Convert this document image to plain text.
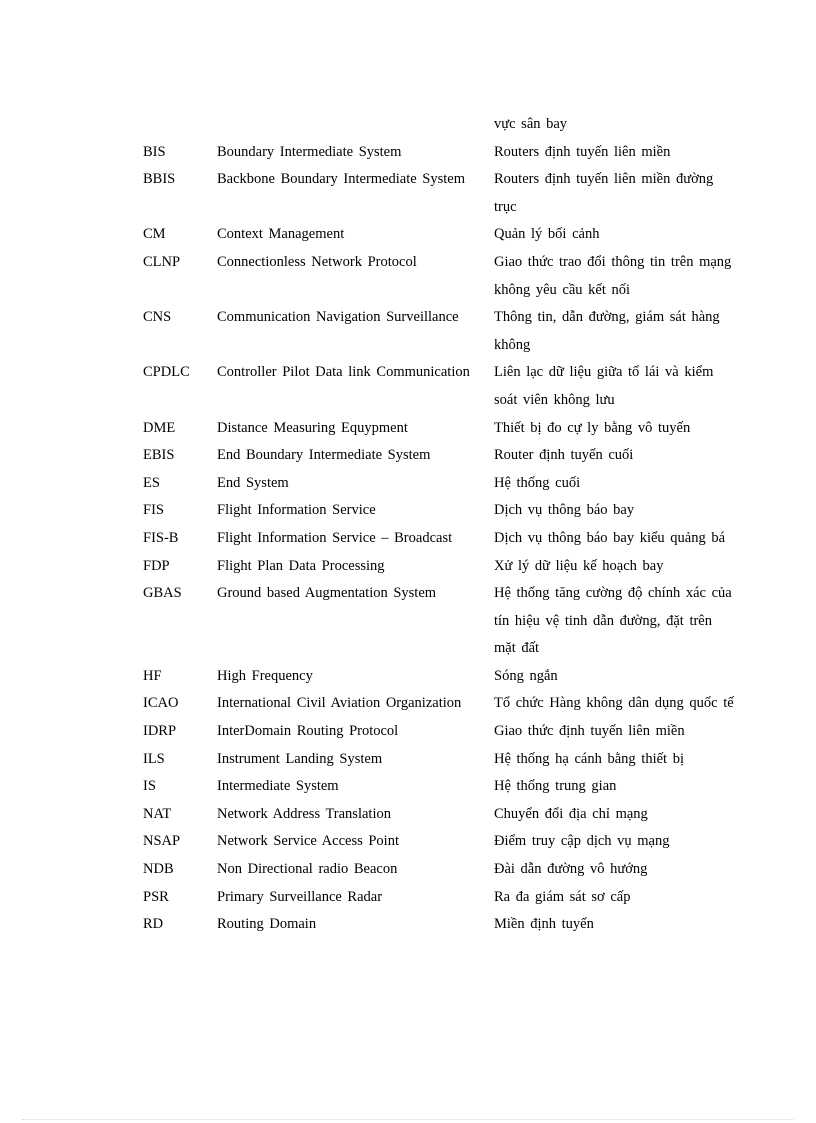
vực sân bay
BIS	Boundary Intermediate System	Routers định tuyến liên miền
BBIS	Backbone Boundary Intermediate System	Routers định tuyến liên miền đường trục
CM	Context Management	Quản lý bối cảnh
CLNP	Connectionless Network Protocol	Giao thức trao đổi thông tin trên mạng không yêu cầu kết nối
CNS	Communication Navigation Surveillance	Thông tin, dẫn đường, giám sát hàng không
CPDLC	Controller Pilot Data link Communication	Liên lạc dữ liệu giữa tổ lái và kiểm soát viên không lưu
DME	Distance Measuring Equypment	Thiết bị đo cự ly bằng vô tuyến
EBIS	End Boundary Intermediate System	Router định tuyến cuối
ES	End System	Hệ thống cuối
FIS	Flight Information Service	Dịch vụ thông báo bay
FIS-B	Flight Information Service – Broadcast	Dịch vụ thông báo bay kiểu quảng bá
FDP	Flight Plan Data Processing	Xử lý dữ liệu kế hoạch bay
GBAS	Ground based Augmentation System	Hệ thống tăng cường độ chính xác của tín hiệu vệ tinh dẫn đường, đặt trên mặt đất
HF	High Frequency	Sóng ngắn
ICAO	International Civil Aviation Organization	Tổ chức Hàng không dân dụng quốc tế
IDRP	InterDomain Routing Protocol	Giao thức định tuyến liên miền
ILS	Instrument Landing System	Hệ thống hạ cánh bằng thiết bị
IS	Intermediate System	Hệ thống trung gian
NAT	Network Address Translation	Chuyển đổi địa chỉ mạng
NSAP	Network Service Access Point	Điểm truy cập dịch vụ mạng
NDB	Non Directional radio Beacon	Đài dẫn đường vô hướng
PSR	Primary Surveillance Radar	Ra đa giám sát sơ cấp
RD	Routing Domain	Miền định tuyến
